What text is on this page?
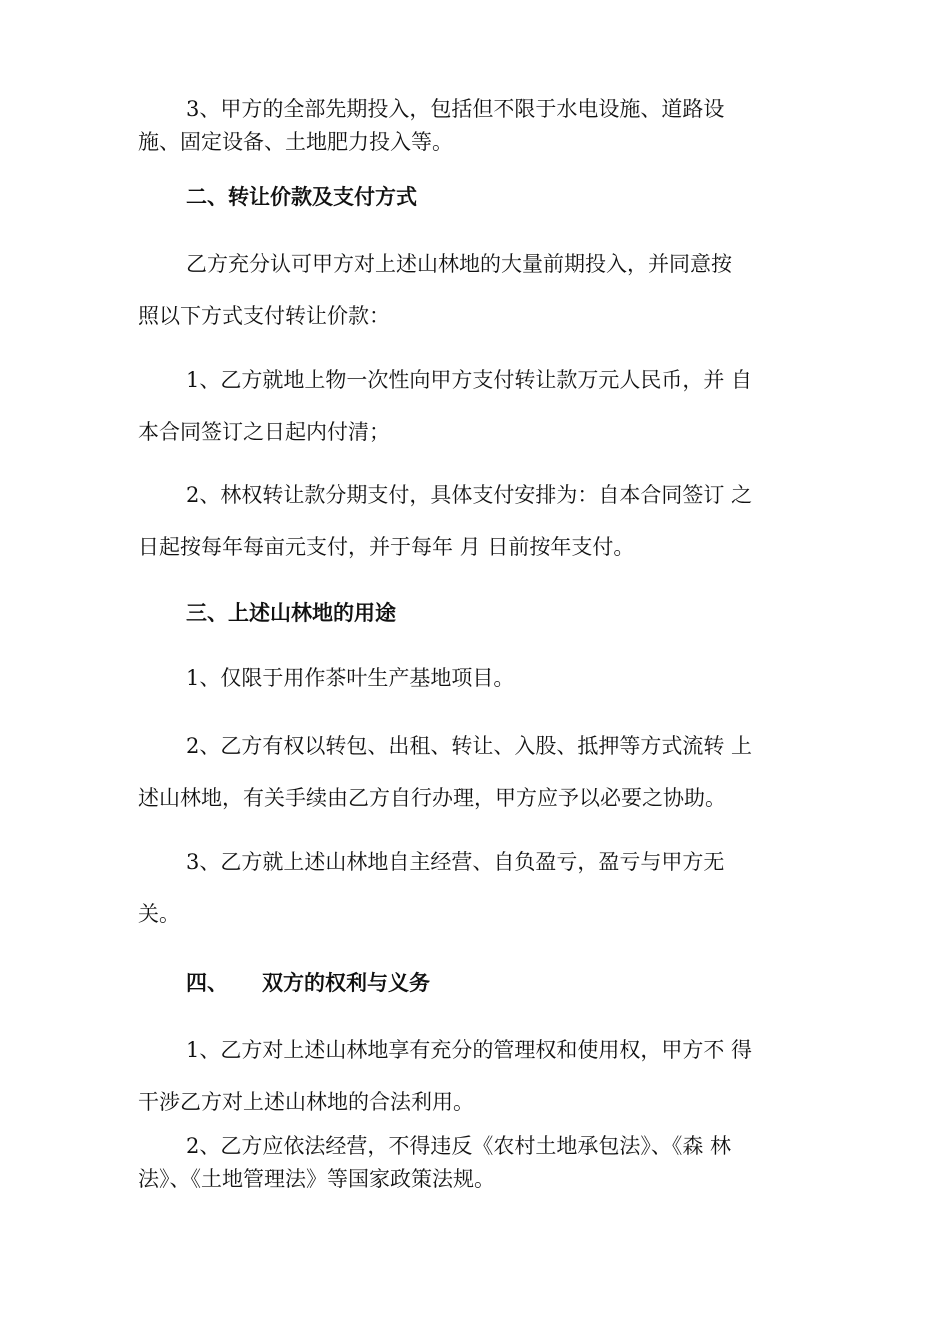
3、甲方的全部先期投入，包括但不限于水电设施、道路设
施、固定设备、土地肥力投入等。
二、转让价款及支付方式
乙方充分认可甲方对上述山林地的大量前期投入，并同意按
照以下方式支付转让价款：
1、乙方就地上物一次性向甲方支付转让款万元人民币，并 自
本合同签订之日起内付清；
2、林权转让款分期支付，具体支付安排为：自本合同签订 之
日起按每年每亩元支付，并于每年 月 日前按年支付。
三、上述山林地的用途
1、仅限于用作茶叶生产基地项目。
2、乙方有权以转包、出租、转让、入股、抵押等方式流转 上
述山林地，有关手续由乙方自行办理，甲方应予以必要之协助。
3、乙方就上述山林地自主经营、自负盈亏，盈亏与甲方无
关。
四、 双方的权利与义务
1、乙方对上述山林地享有充分的管理权和使用权，甲方不 得
干涉乙方对上述山林地的合法利用。
2、乙方应依法经营，不得违反《农村土地承包法》、《森 林
法》、《土地管理法》等国家政策法规。
